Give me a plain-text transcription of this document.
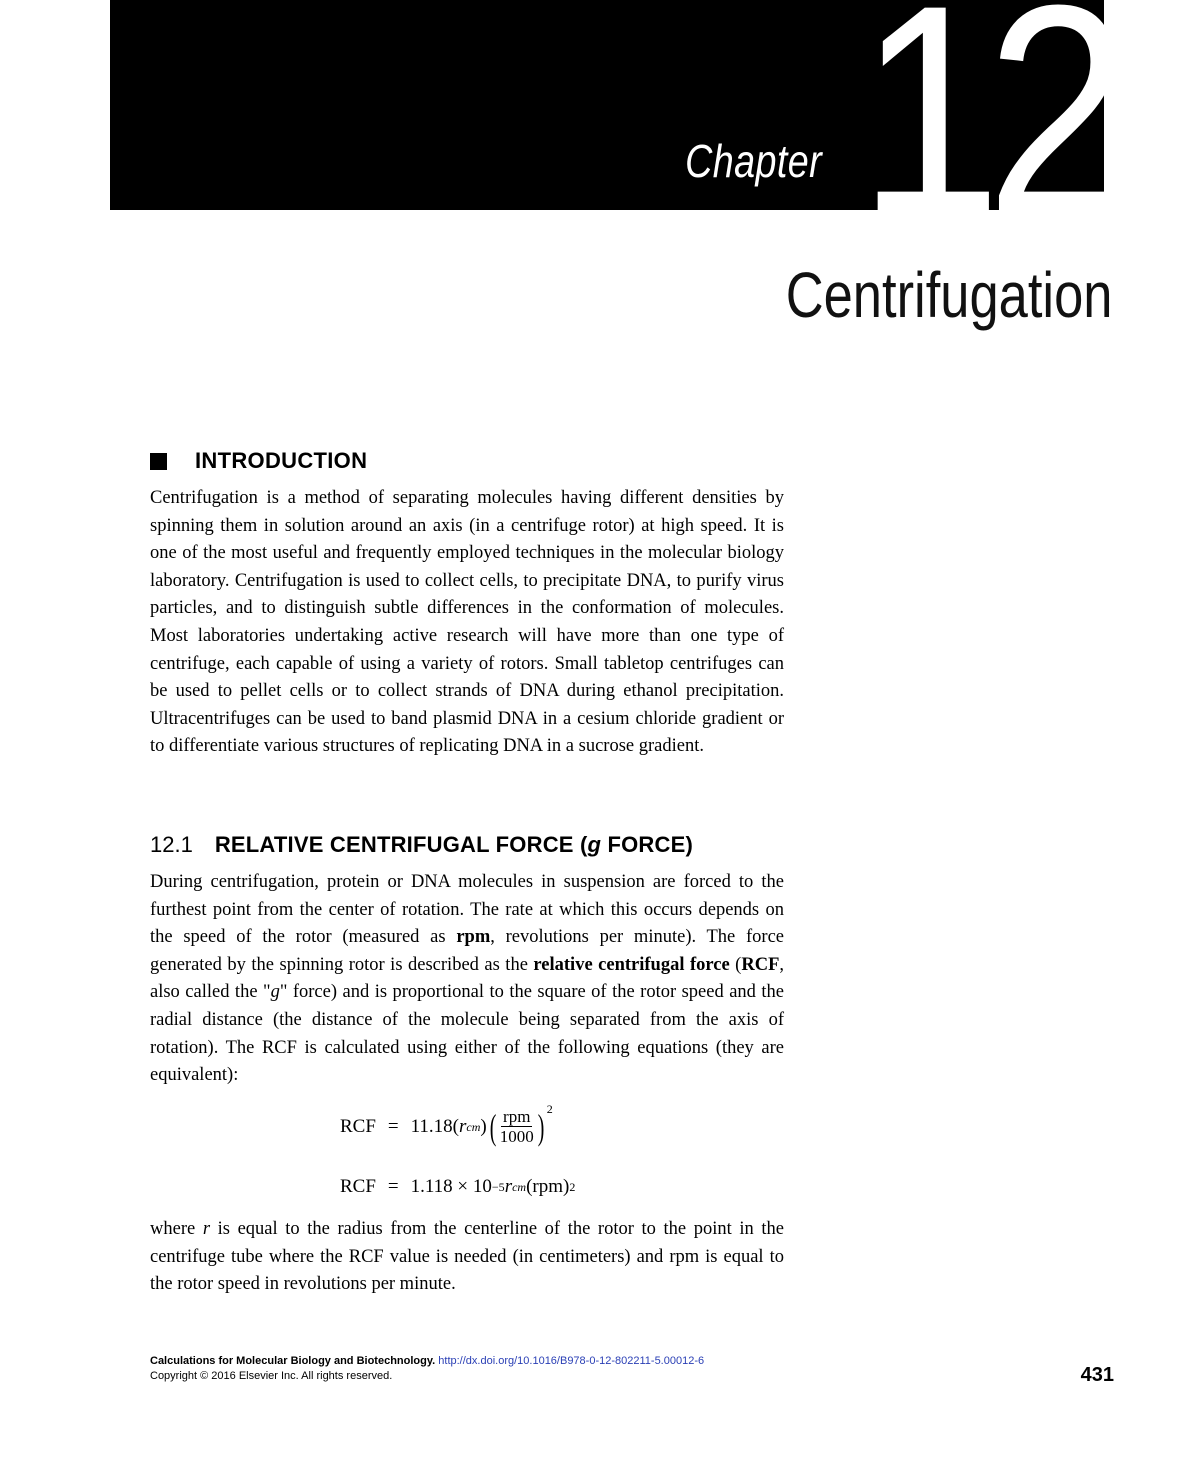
Chapter 12
Centrifugation
INTRODUCTION

Centrifugation is a method of separating molecules having different densities by spinning them in solution around an axis (in a centrifuge rotor) at high speed. It is one of the most useful and frequently employed techniques in the molecular biology laboratory. Centrifugation is used to collect cells, to precipitate DNA, to purify virus particles, and to distinguish subtle differences in the conformation of molecules. Most laboratories undertaking active research will have more than one type of centrifuge, each capable of using a variety of rotors. Small tabletop centrifuges can be used to pellet cells or to collect strands of DNA during ethanol precipitation. Ultracentrifuges can be used to band plasmid DNA in a cesium chloride gradient or to differentiate various structures of replicating DNA in a sucrose gradient.

12.1 RELATIVE CENTRIFUGAL FORCE (g FORCE)

During centrifugation, protein or DNA molecules in suspension are forced to the furthest point from the center of rotation. The rate at which this occurs depends on the speed of the rotor (measured as rpm, revolutions per minute). The force generated by the spinning rotor is described as the relative centrifugal force (RCF, also called the "g" force) and is proportional to the square of the rotor speed and the radial distance (the distance of the molecule being separated from the axis of rotation). The RCF is calculated using either of the following equations (they are equivalent):

RCF = 11.18( r cm ) ( $\frac{\text{rpm}}{1000}$ ) 2
RCF = 1.118 × 10 −5 r cm (rpm) 2

where r is equal to the radius from the centerline of the rotor to the point in the centrifuge tube where the RCF value is needed (in centimeters) and rpm is equal to the rotor speed in revolutions per minute.

Calculations for Molecular Biology and Biotechnology. http://dx.doi.org/10.1016/B978-0-12-802211-5.00012-6
Copyright © 2016 Elsevier Inc. All rights reserved.	431
